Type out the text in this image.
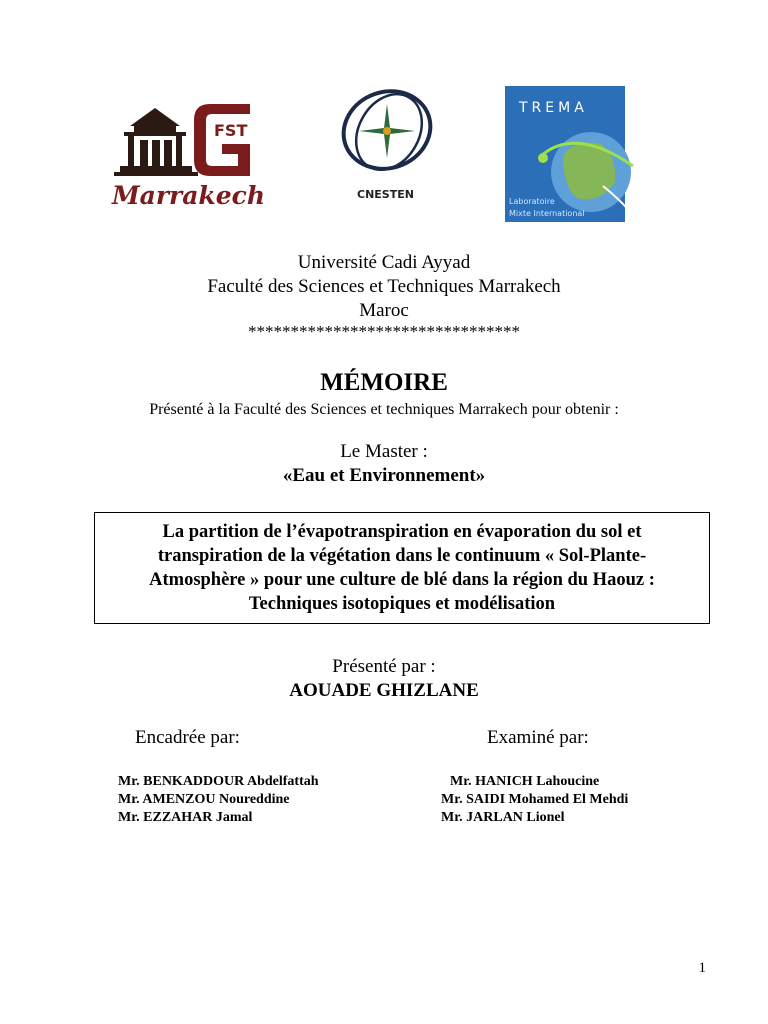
FST
Marrakech	CNESTEN
TREMA
Laboratoire
Mixte International
Université Cadi Ayyad
Faculté des Sciences et Techniques Marrakech
Maroc
********************************
MÉMOIRE
Présenté à la Faculté des Sciences et techniques Marrakech pour obtenir :
Le Master :
«Eau et Environnement»
La partition de l’évapotranspiration en évaporation du sol et
transpiration de la végétation dans le continuum « Sol-Plante-
Atmosphère » pour une culture de blé dans la région du Haouz :
Techniques isotopiques et modélisation
Présenté par :
AOUADE GHIZLANE
Encadrée par:	Examiné par:
Mr. BENKADDOUR Abdelfattah
Mr. AMENZOU Noureddine
Mr. EZZAHAR Jamal
Mr. HANICH Lahoucine
Mr. SAIDI Mohamed El Mehdi
Mr. JARLAN Lionel
1
